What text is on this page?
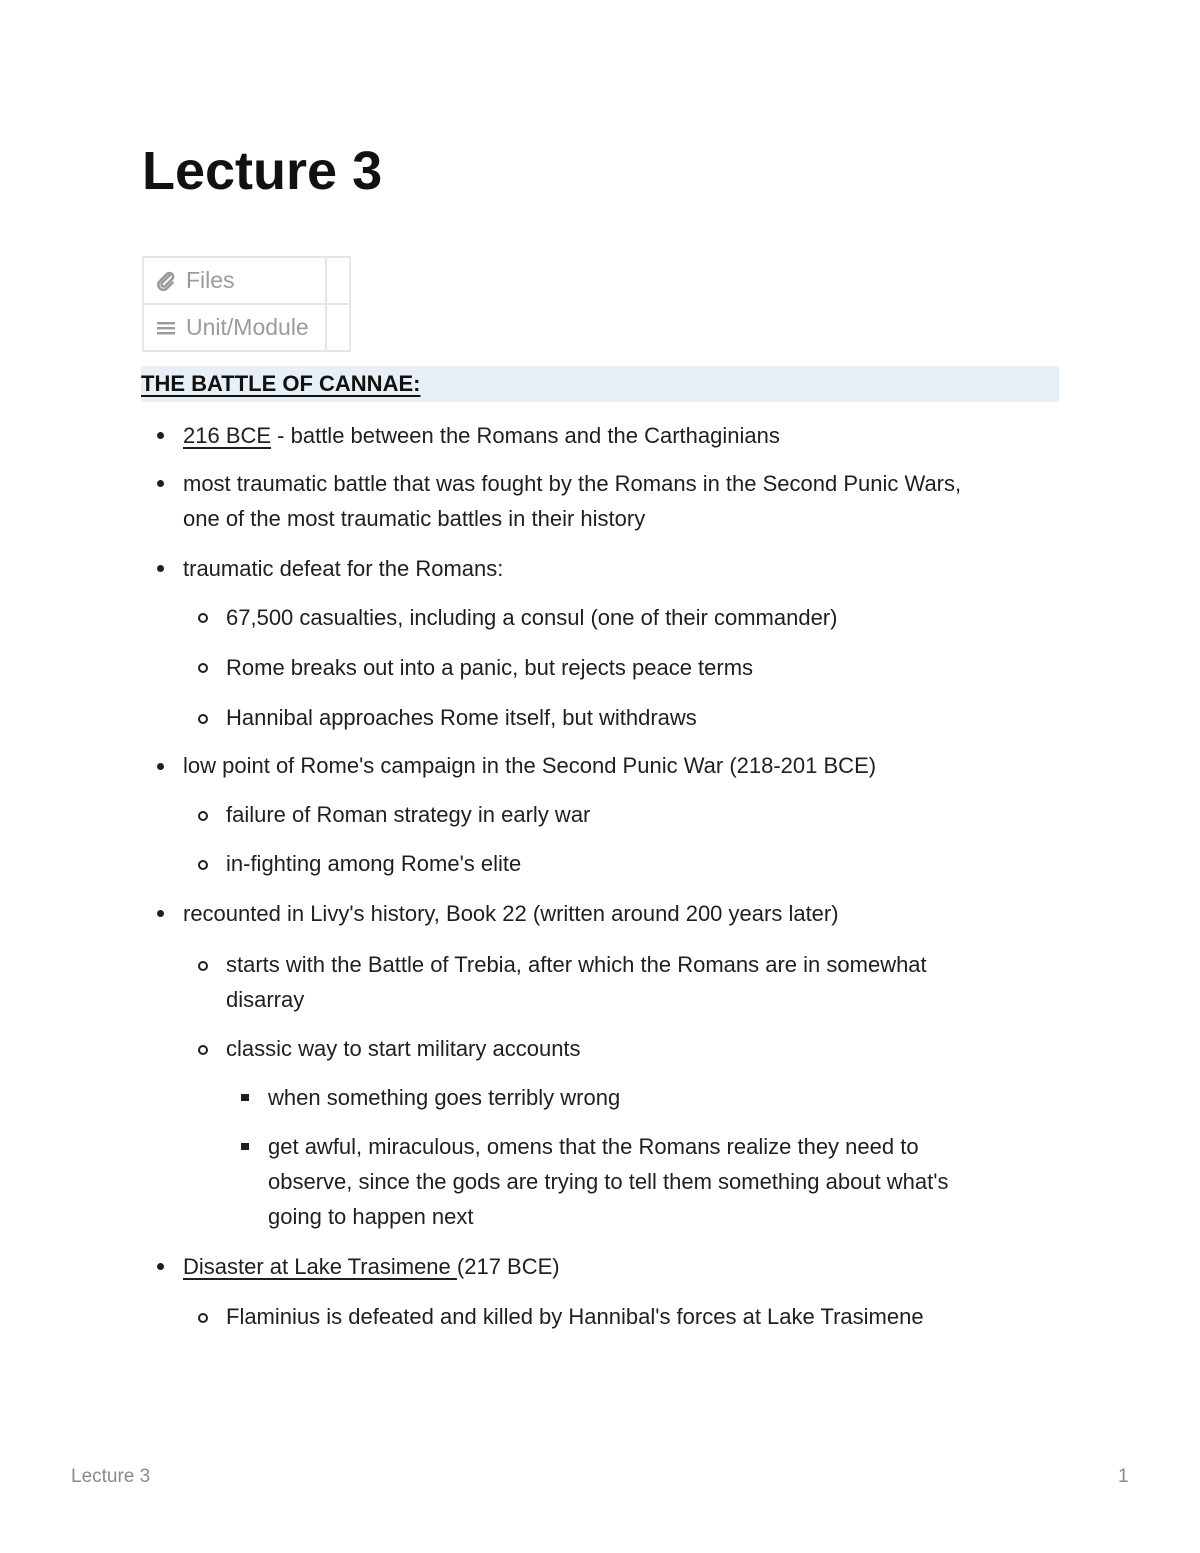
Lecture 3
Files	

Unit/Module	

THE BATTLE OF CANNAE:
216 BCE - battle between the Romans and the Carthaginians
most traumatic battle that was fought by the Romans in the Second Punic Wars,
one of the most traumatic battles in their history
traumatic defeat for the Romans:
67,500 casualties, including a consul (one of their commander)
Rome breaks out into a panic, but rejects peace terms
Hannibal approaches Rome itself, but withdraws
low point of Rome's campaign in the Second Punic War (218-201 BCE)
failure of Roman strategy in early war
in-fighting among Rome's elite
recounted in Livy's history, Book 22 (written around 200 years later)
starts with the Battle of Trebia, after which the Romans are in somewhat
disarray
classic way to start military accounts
when something goes terribly wrong
get awful, miraculous, omens that the Romans realize they need to
observe, since the gods are trying to tell them something about what's
going to happen next
Disaster at Lake Trasimene (217 BCE)
Flaminius is defeated and killed by Hannibal's forces at Lake Trasimene
Lecture 3	1
